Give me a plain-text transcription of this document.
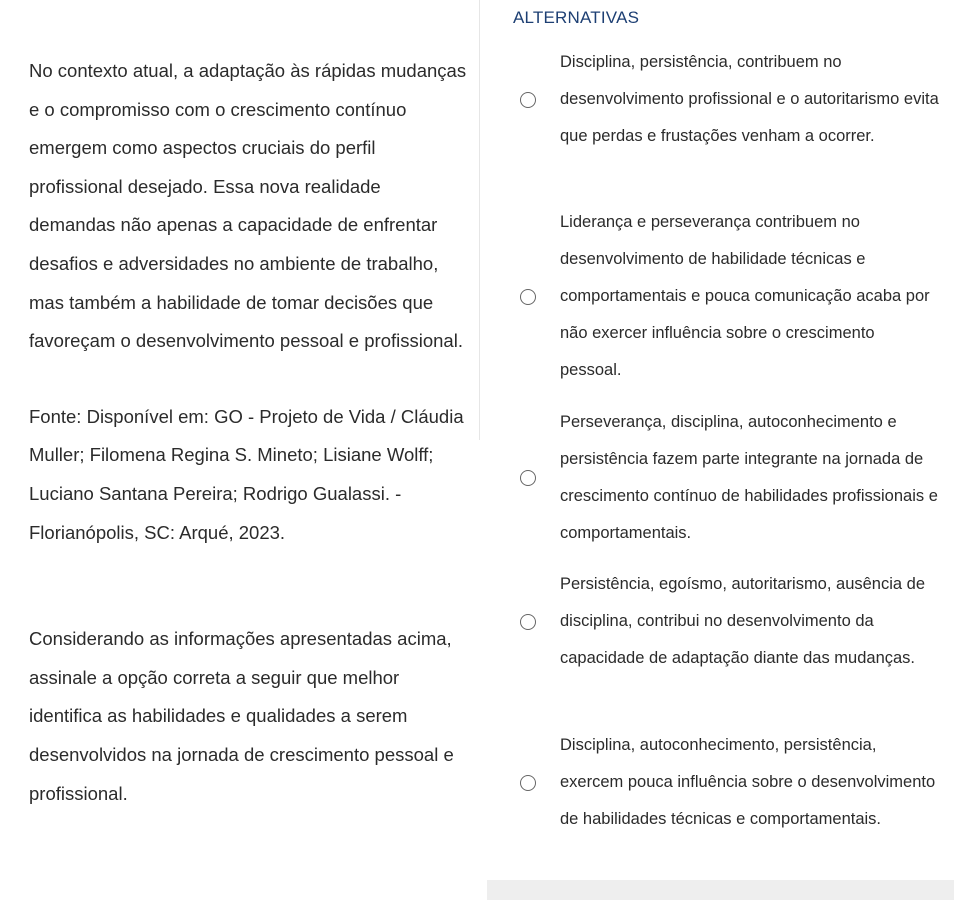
No contexto atual, a adaptação às rápidas mudanças e o compromisso com o crescimento contínuo emergem como aspectos cruciais do perfil profissional desejado. Essa nova realidade demandas não apenas a capacidade de enfrentar desafios e adversidades no ambiente de trabalho, mas também a habilidade de tomar decisões que favoreçam o desenvolvimento pessoal e profissional.

Fonte: Disponível em: GO - Projeto de Vida / Cláudia Muller; Filomena Regina S. Mineto; Lisiane Wolff; Luciano Santana Pereira; Rodrigo Gualassi. - Florianópolis, SC: Arqué, 2023.

Considerando as informações apresentadas acima, assinale a opção correta a seguir que melhor identifica as habilidades e qualidades a serem desenvolvidos na jornada de crescimento pessoal e profissional.

ALTERNATIVAS
Disciplina, persistência, contribuem no desenvolvimento profissional e o autoritarismo evita que perdas e frustações venham a ocorrer.
Liderança e perseverança contribuem no desenvolvimento de habilidade técnicas e comportamentais e pouca comunicação acaba por não exercer influência sobre o crescimento pessoal.
Perseverança, disciplina, autoconhecimento e persistência fazem parte integrante na jornada de crescimento contínuo de habilidades profissionais e comportamentais.
Persistência, egoísmo, autoritarismo, ausência de disciplina, contribui no desenvolvimento da capacidade de adaptação diante das mudanças.
Disciplina, autoconhecimento, persistência, exercem pouca influência sobre o desenvolvimento de habilidades técnicas e comportamentais.
